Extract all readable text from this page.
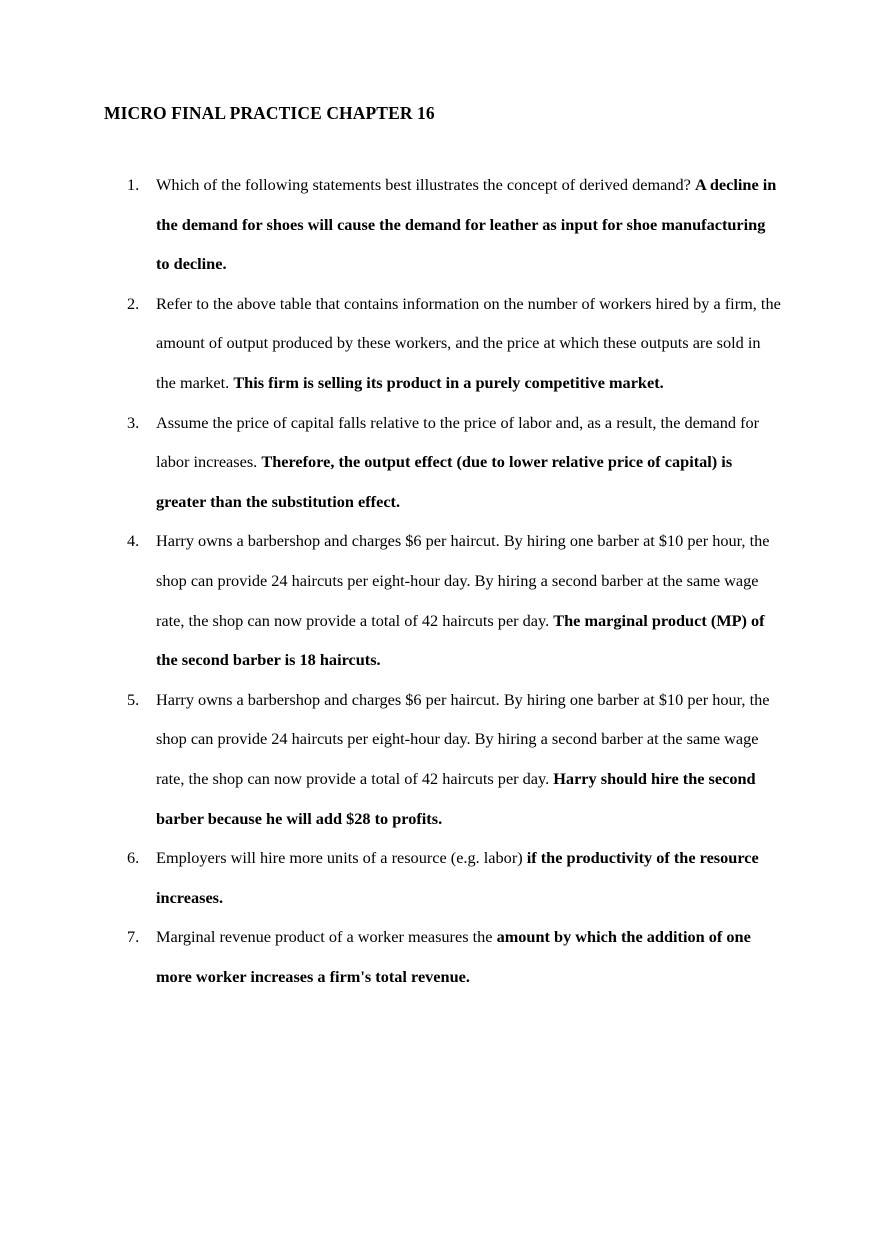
MICRO FINAL PRACTICE CHAPTER 16
1. Which of the following statements best illustrates the concept of derived demand? A decline in the demand for shoes will cause the demand for leather as input for shoe manufacturing to decline.
2. Refer to the above table that contains information on the number of workers hired by a firm, the amount of output produced by these workers, and the price at which these outputs are sold in the market. This firm is selling its product in a purely competitive market.
3. Assume the price of capital falls relative to the price of labor and, as a result, the demand for labor increases. Therefore, the output effect (due to lower relative price of capital) is greater than the substitution effect.
4. Harry owns a barbershop and charges $6 per haircut. By hiring one barber at $10 per hour, the shop can provide 24 haircuts per eight-hour day. By hiring a second barber at the same wage rate, the shop can now provide a total of 42 haircuts per day. The marginal product (MP) of the second barber is 18 haircuts.
5. Harry owns a barbershop and charges $6 per haircut. By hiring one barber at $10 per hour, the shop can provide 24 haircuts per eight-hour day. By hiring a second barber at the same wage rate, the shop can now provide a total of 42 haircuts per day. Harry should hire the second barber because he will add $28 to profits.
6. Employers will hire more units of a resource (e.g. labor) if the productivity of the resource increases.
7. Marginal revenue product of a worker measures the amount by which the addition of one more worker increases a firm's total revenue.
